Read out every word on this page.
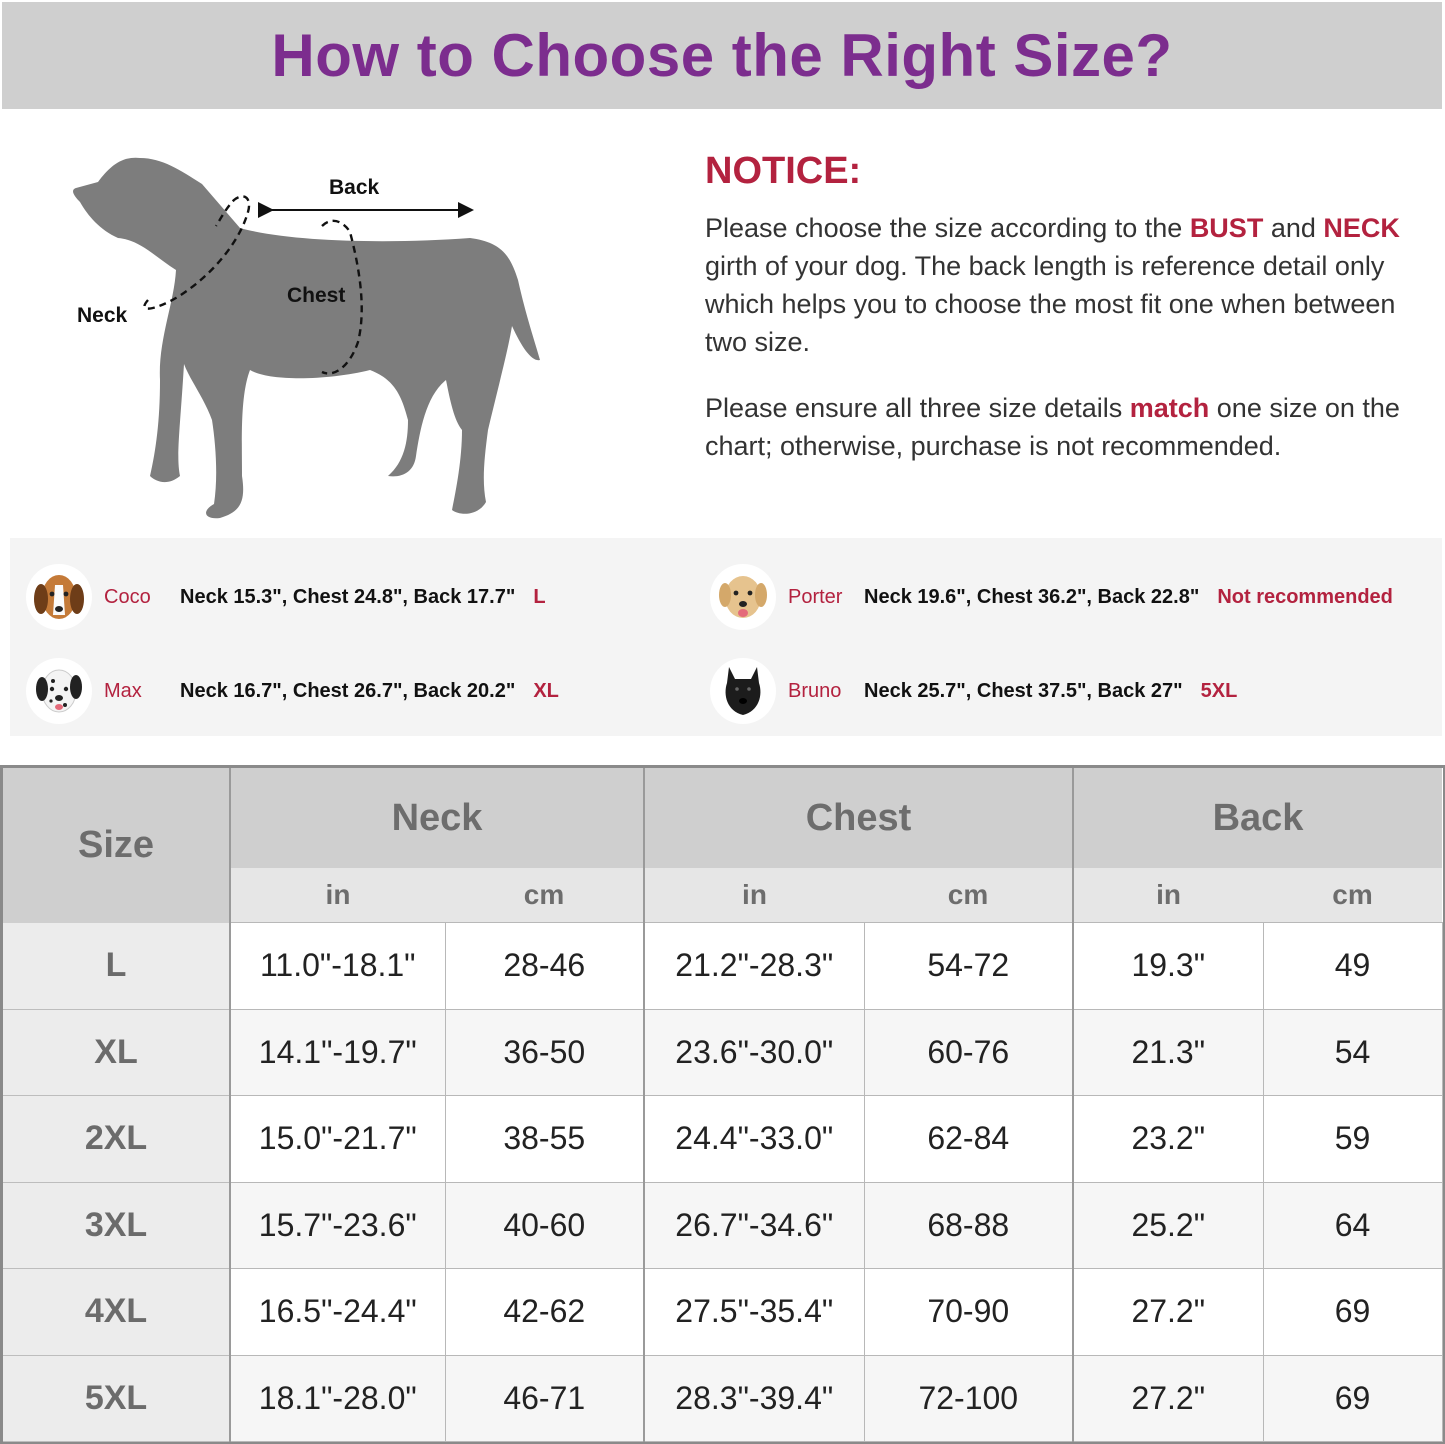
How to Choose the Right Size?
Back
Chest
Neck
NOTICE:

Please choose the size according to the BUST and NECK girth of your dog. The back length is reference detail only which helps you to choose the most fit one when between two size.

Please ensure all three size details match one size on the chart; otherwise, purchase is not recommended.

Coco	Neck 15.3", Chest 24.8", Back 17.7" L	Porter	Neck 19.6", Chest 36.2", Back 22.8" Not recommended
Max	Neck 16.7", Chest 26.7", Back 20.2" XL	Bruno	Neck 25.7", Chest 37.5", Back 27" 5XL
Size	Neck		Chest		Back	
	in	cm	in	cm	in	cm
L	11.0"-18.1"	28-46	21.2"-28.3"	54-72	19.3"	49
XL	14.1"-19.7"	36-50	23.6"-30.0"	60-76	21.3"	54
2XL	15.0"-21.7"	38-55	24.4"-33.0"	62-84	23.2"	59
3XL	15.7"-23.6"	40-60	26.7"-34.6"	68-88	25.2"	64
4XL	16.5"-24.4"	42-62	27.5"-35.4"	70-90	27.2"	69
5XL	18.1"-28.0"	46-71	28.3"-39.4"	72-100	27.2"	69
